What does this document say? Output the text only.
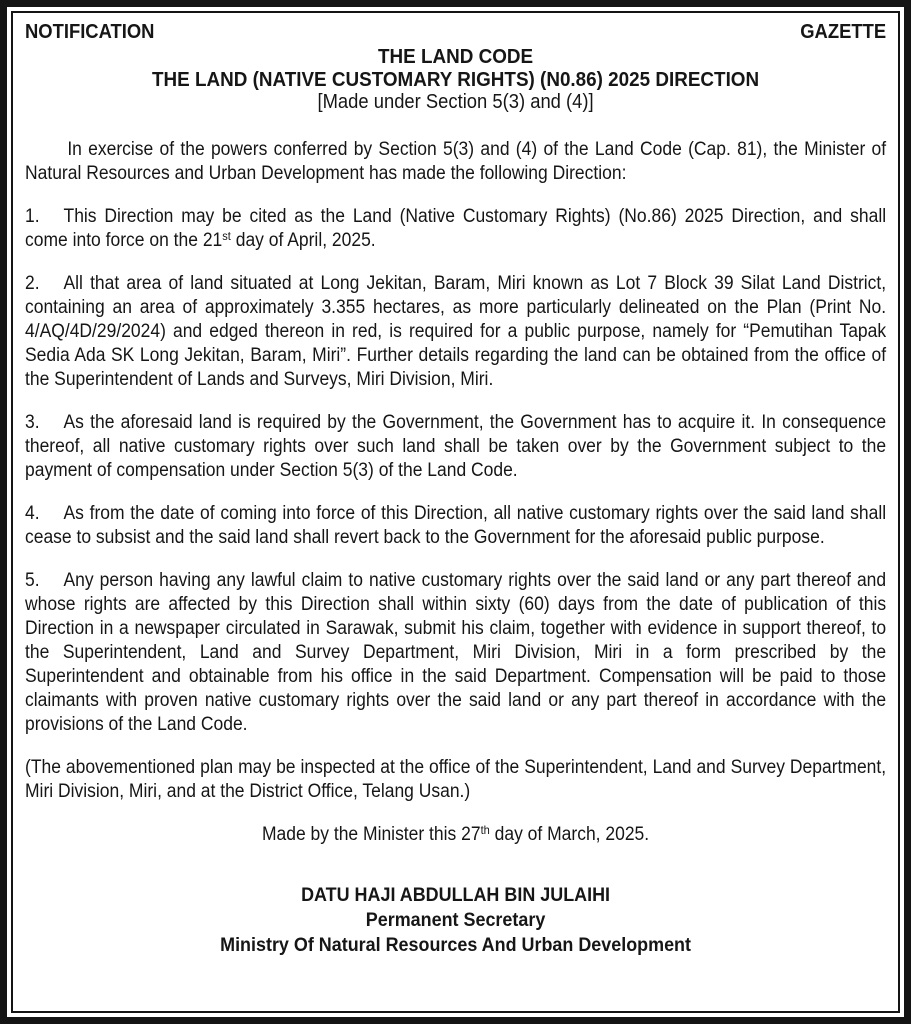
NOTIFICATION	GAZETTE
THE LAND CODE
THE LAND (NATIVE CUSTOMARY RIGHTS) (N0.86) 2025 DIRECTION
[Made under Section 5(3) and (4)]

In exercise of the powers conferred by Section 5(3) and (4) of the Land Code (Cap. 81), the Minister of Natural Resources and Urban Development has made the following Direction:

1. This Direction may be cited as the Land (Native Customary Rights) (No.86) 2025 Direction, and shall come into force on the 21st day of April, 2025.

2. All that area of land situated at Long Jekitan, Baram, Miri known as Lot 7 Block 39 Silat Land District, containing an area of approximately 3.355 hectares, as more particularly delineated on the Plan (Print No. 4/AQ/4D/29/2024) and edged thereon in red, is required for a public purpose, namely for “Pemutihan Tapak Sedia Ada SK Long Jekitan, Baram, Miri”. Further details regarding the land can be obtained from the office of the Superintendent of Lands and Surveys, Miri Division, Miri.

3. As the aforesaid land is required by the Government, the Government has to acquire it. In consequence thereof, all native customary rights over such land shall be taken over by the Government subject to the payment of compensation under Section 5(3) of the Land Code.

4. As from the date of coming into force of this Direction, all native customary rights over the said land shall cease to subsist and the said land shall revert back to the Government for the aforesaid public purpose.

5. Any person having any lawful claim to native customary rights over the said land or any part thereof and whose rights are affected by this Direction shall within sixty (60) days from the date of publication of this Direction in a newspaper circulated in Sarawak, submit his claim, together with evidence in support thereof, to the Superintendent, Land and Survey Department, Miri Division, Miri in a form prescribed by the Superintendent and obtainable from his office in the said Department. Compensation will be paid to those claimants with proven native customary rights over the said land or any part thereof in accordance with the provisions of the Land Code.

(The abovementioned plan may be inspected at the office of the Superintendent, Land and Survey Department, Miri Division, Miri, and at the District Office, Telang Usan.)

Made by the Minister this 27th day of March, 2025.

DATU HAJI ABDULLAH BIN JULAIHI
Permanent Secretary
Ministry Of Natural Resources And Urban Development
